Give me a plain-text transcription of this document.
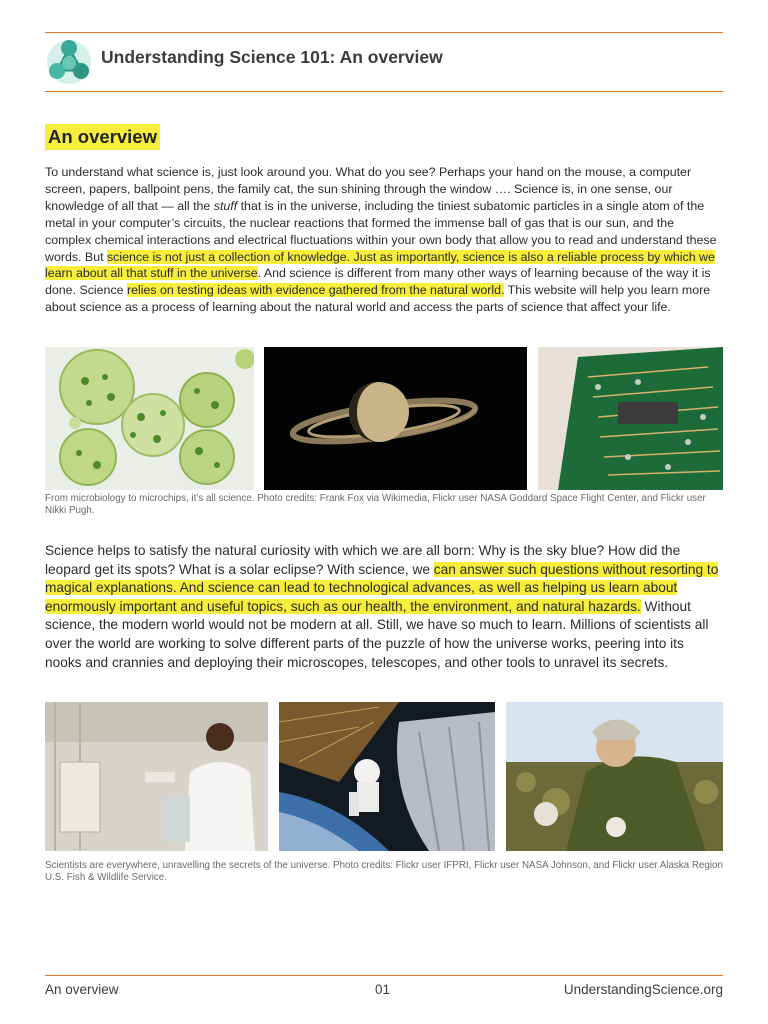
Understanding Science 101: An overview
An overview

To understand what science is, just look around you. What do you see? Perhaps your hand on the mouse, a computer screen, papers, ballpoint pens, the family cat, the sun shining through the window …. Science is, in one sense, our knowledge of all that — all the stuff that is in the universe, including the tiniest subatomic particles in a single atom of the metal in your computer’s circuits, the nuclear reactions that formed the immense ball of gas that is our sun, and the complex chemical interactions and electrical fluctuations within your own body that allow you to read and understand these words. But science is not just a collection of knowledge. Just as importantly, science is also a reliable process by which we learn about all that stuff in the universe. And science is different from many other ways of learning because of the way it is done. Science relies on testing ideas with evidence gathered from the natural world. This website will help you learn more about science as a process of learning about the natural world and access the parts of science that affect your life.

From microbiology to microchips, it’s all science. Photo credits: Frank Fox via Wikimedia, Flickr user NASA Goddard Space Flight Center, and Flickr user Nikki Pugh.

Science helps to satisfy the natural curiosity with which we are all born: Why is the sky blue? How did the leopard get its spots? What is a solar eclipse? With science, we can answer such questions without resorting to magical explanations. And science can lead to technological advances, as well as helping us learn about enormously important and useful topics, such as our health, the environment, and natural hazards. Without science, the modern world would not be modern at all. Still, we have so much to learn. Millions of scientists all over the world are working to solve different parts of the puzzle of how the universe works, peering into its nooks and crannies and deploying their microscopes, telescopes, and other tools to unravel its secrets.

Scientists are everywhere, unravelling the secrets of the universe. Photo credits: Flickr user IFPRI, Flickr user NASA Johnson, and Flickr user Alaska Region U.S. Fish & Wildlife Service.
An overview	01	UnderstandingScience.org
